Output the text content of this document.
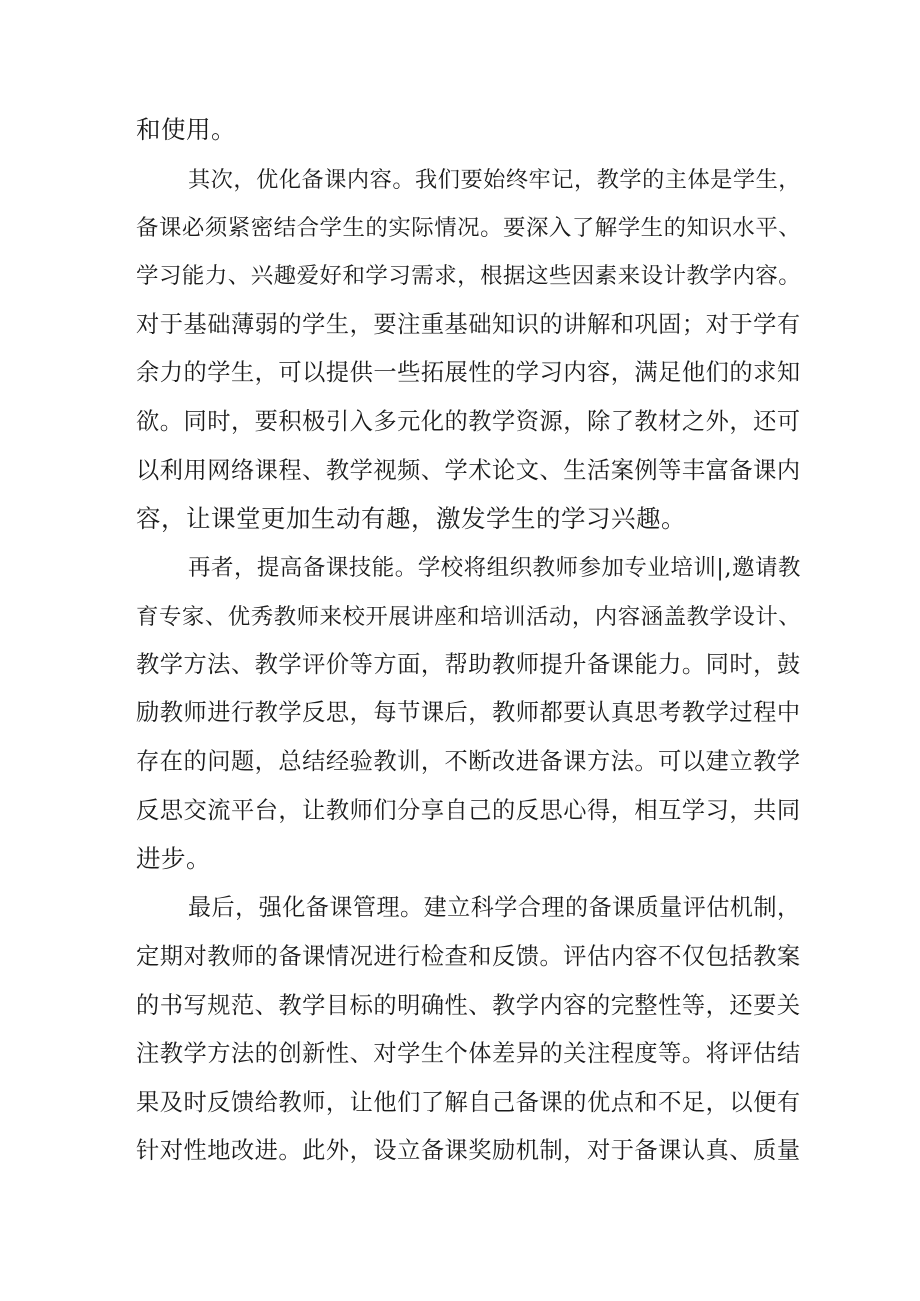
和使用。
其次，优化备课内容。我们要始终牢记，教学的主体是学生，
备课必须紧密结合学生的实际情况。要深入了解学生的知识水平、
学习能力、兴趣爱好和学习需求，根据这些因素来设计教学内容。
对于基础薄弱的学生，要注重基础知识的讲解和巩固；对于学有
余力的学生，可以提供一些拓展性的学习内容，满足他们的求知
欲。同时，要积极引入多元化的教学资源，除了教材之外，还可
以利用网络课程、教学视频、学术论文、生活案例等丰富备课内
容，让课堂更加生动有趣，激发学生的学习兴趣。
再者，提高备课技能。学校将组织教师参加专业培训|,邀请教
育专家、优秀教师来校开展讲座和培训活动，内容涵盖教学设计、
教学方法、教学评价等方面，帮助教师提升备课能力。同时，鼓
励教师进行教学反思，每节课后，教师都要认真思考教学过程中
存在的问题，总结经验教训，不断改进备课方法。可以建立教学
反思交流平台，让教师们分享自己的反思心得，相互学习，共同
进步。
最后，强化备课管理。建立科学合理的备课质量评估机制，
定期对教师的备课情况进行检查和反馈。评估内容不仅包括教案
的书写规范、教学目标的明确性、教学内容的完整性等，还要关
注教学方法的创新性、对学生个体差异的关注程度等。将评估结
果及时反馈给教师，让他们了解自己备课的优点和不足，以便有
针对性地改进。此外，设立备课奖励机制，对于备课认真、质量
